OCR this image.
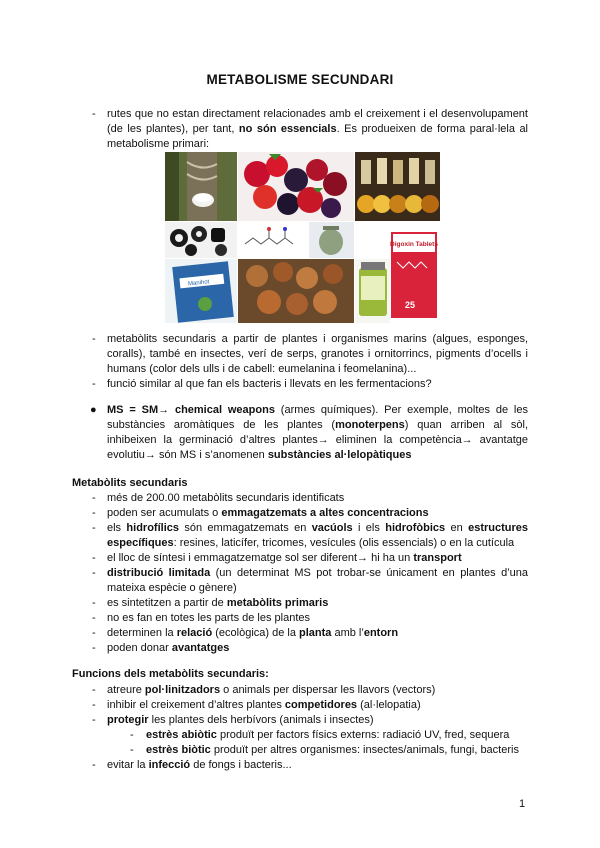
METABOLISME SECUNDARI
- rutes que no estan directament relacionades amb el creixement i el desenvolupament (de les plantes), per tant, no són essencials. Es produeixen de forma paral·lela al metabolisme primari:
Digoxin Tablets
25
Manihot
- metabòlits secundaris a partir de plantes i organismes marins (algues, esponges, coralls), també en insectes, verí de serps, granotes i ornitorrincs, pigments d’ocells i humans (color dels ulls i de cabell: eumelanina i feomelanina)...
- funció similar al que fan els bacteris i llevats en les fermentacions?
● MS = SM→ chemical weapons (armes químiques). Per exemple, moltes de les substàncies aromàtiques de les plantes (monoterpens) quan arriben al sòl, inhibeixen la germinació d’altres plantes→ eliminen la competència→ avantatge evolutiu→ són MS i s’anomenen substàncies al·lelopàtiques
Metabòlits secundaris
- més de 200.00 metabòlits secundaris identificats
- poden ser acumulats o emmagatzemats a altes concentracions
- els hidrofílics són emmagatzemats en vacúols i els hidrofòbics en estructures específiques: resines, laticífer, tricomes, vesícules (olis essencials) o en la cutícula
- el lloc de síntesi i emmagatzematge sol ser diferent→ hi ha un transport
- distribució limitada (un determinat MS pot trobar-se únicament en plantes d’una mateixa espècie o gènere)
- es sintetitzen a partir de metabòlits primaris
- no es fan en totes les parts de les plantes
- determinen la relació (ecològica) de la planta amb l’entorn
- poden donar avantatges
Funcions dels metabòlits secundaris:
- atreure pol·linitzadors o animals per dispersar les llavors (vectors)
- inhibir el creixement d’altres plantes competidores (al·lelopatia)
- protegir les plantes dels herbívors (animals i insectes)
- estrès abiòtic produït per factors físics externs: radiació UV, fred, sequera
- estrès biòtic produït per altres organismes: insectes/animals, fungi, bacteris
- evitar la infecció de fongs i bacteris...
1
